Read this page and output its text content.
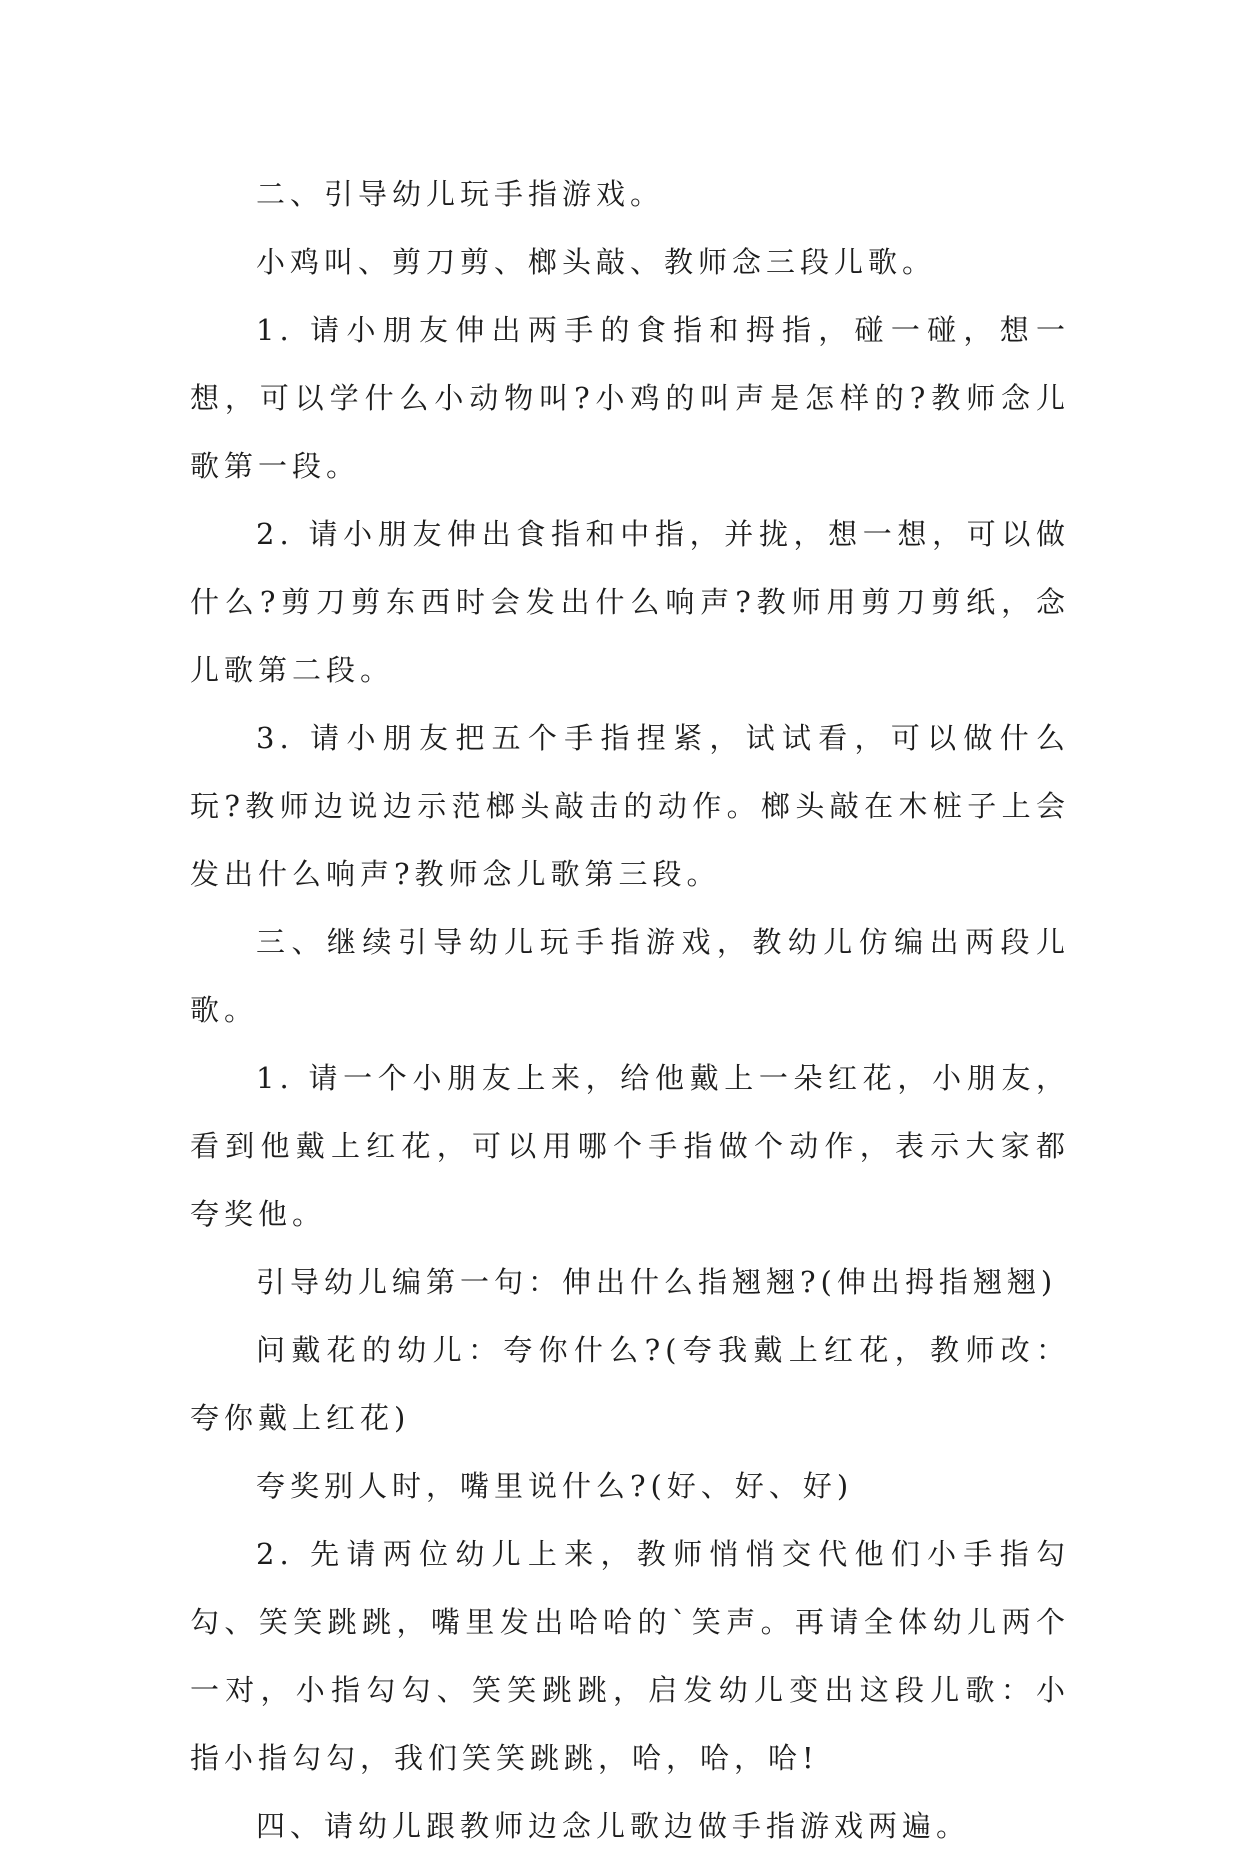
二、引导幼儿玩手指游戏。

小鸡叫、剪刀剪、榔头敲、教师念三段儿歌。

1. 请小朋友伸出两手的食指和拇指，碰一碰，想一想，可以学什么小动物叫?小鸡的叫声是怎样的?教师念儿歌第一段。

2. 请小朋友伸出食指和中指，并拢，想一想，可以做什么?剪刀剪东西时会发出什么响声?教师用剪刀剪纸，念儿歌第二段。

3. 请小朋友把五个手指捏紧，试试看，可以做什么玩?教师边说边示范榔头敲击的动作。榔头敲在木桩子上会发出什么响声?教师念儿歌第三段。

三、继续引导幼儿玩手指游戏，教幼儿仿编出两段儿歌。

1. 请一个小朋友上来，给他戴上一朵红花，小朋友，看到他戴上红花，可以用哪个手指做个动作，表示大家都夸奖他。

引导幼儿编第一句：伸出什么指翘翘?(伸出拇指翘翘)

问戴花的幼儿：夸你什么?(夸我戴上红花，教师改：夸你戴上红花)

夸奖别人时，嘴里说什么?(好、好、好)

2. 先请两位幼儿上来，教师悄悄交代他们小手指勾勾、笑笑跳跳，嘴里发出哈哈的`笑声。再请全体幼儿两个一对，小指勾勾、笑笑跳跳，启发幼儿变出这段儿歌：小指小指勾勾，我们笑笑跳跳，哈，哈，哈!

四、请幼儿跟教师边念儿歌边做手指游戏两遍。
